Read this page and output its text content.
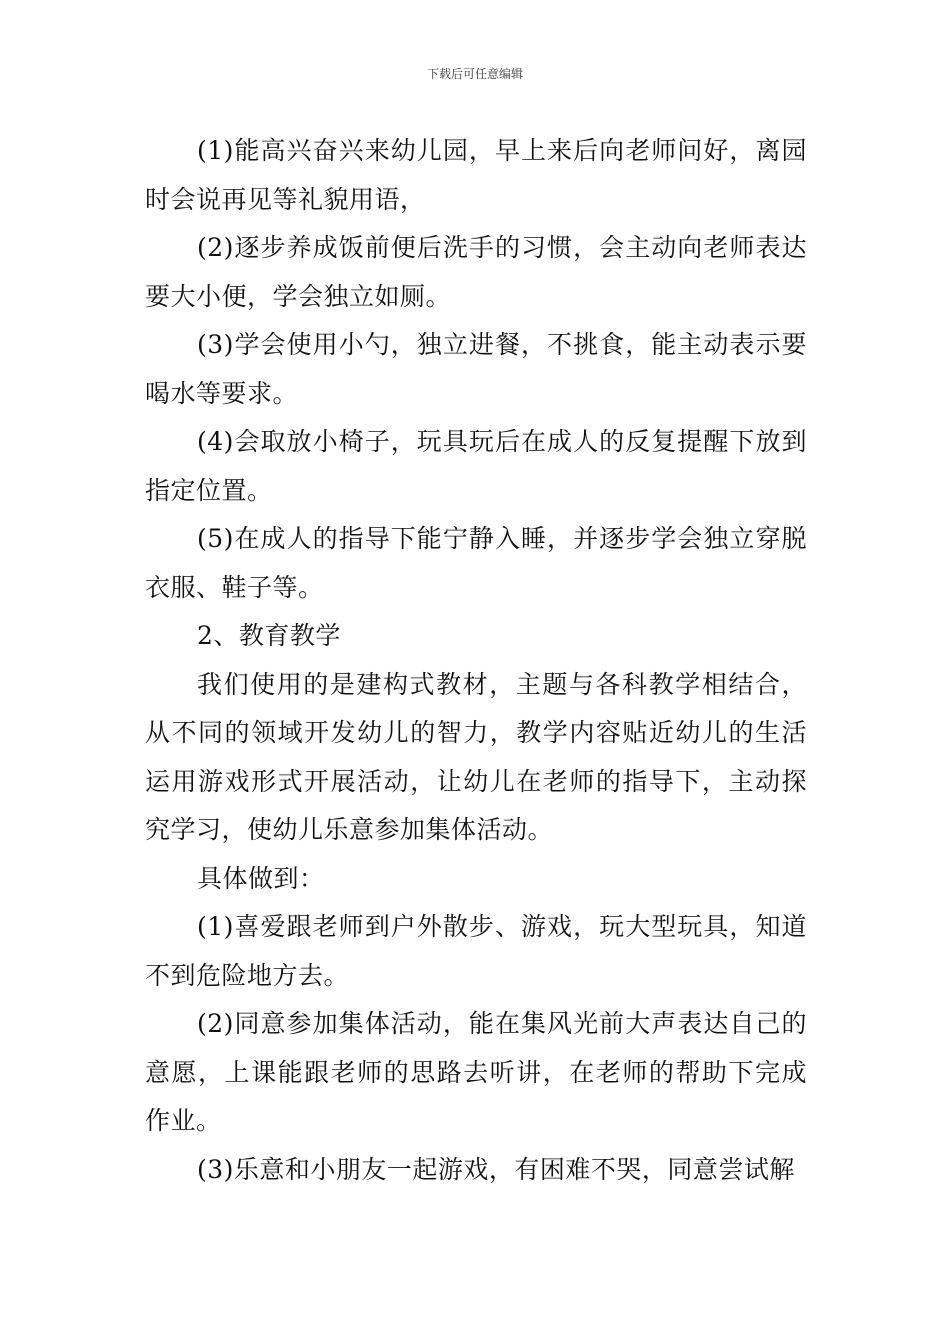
下载后可任意编辑

(1)能高兴奋兴来幼儿园，早上来后向老师问好，离园时会说再见等礼貌用语，

(2)逐步养成饭前便后洗手的习惯，会主动向老师表达要大小便，学会独立如厕。

(3)学会使用小勺，独立进餐，不挑食，能主动表示要喝水等要求。

(4)会取放小椅子，玩具玩后在成人的反复提醒下放到指定位置。

(5)在成人的指导下能宁静入睡，并逐步学会独立穿脱衣服、鞋子等。

2、教育教学

我们使用的是建构式教材，主题与各科教学相结合，从不同的领域开发幼儿的智力，教学内容贴近幼儿的生活运用游戏形式开展活动，让幼儿在老师的指导下，主动探究学习，使幼儿乐意参加集体活动。

具体做到：

(1)喜爱跟老师到户外散步、游戏，玩大型玩具，知道不到危险地方去。

(2)同意参加集体活动，能在集风光前大声表达自己的意愿，上课能跟老师的思路去听讲，在老师的帮助下完成作业。

(3)乐意和小朋友一起游戏，有困难不哭，同意尝试解
